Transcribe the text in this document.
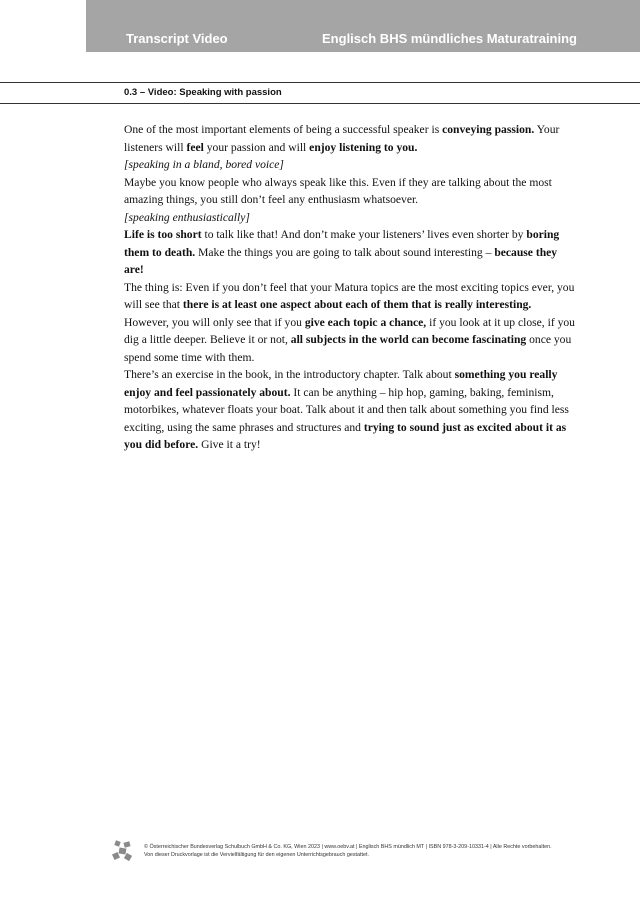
Transcript Video	Englisch BHS mündliches Maturatraining
0.3 – Video: Speaking with passion

One of the most important elements of being a successful speaker is conveying passion. Your listeners will feel your passion and will enjoy listening to you.

[speaking in a bland, bored voice]

Maybe you know people who always speak like this. Even if they are talking about the most amazing things, you still don’t feel any enthusiasm whatsoever.

[speaking enthusiastically]

Life is too short to talk like that! And don’t make your listeners’ lives even shorter by boring them to death. Make the things you are going to talk about sound interesting – because they are!

The thing is: Even if you don’t feel that your Matura topics are the most exciting topics ever, you will see that there is at least one aspect about each of them that is really interesting. However, you will only see that if you give each topic a chance, if you look at it up close, if you dig a little deeper. Believe it or not, all subjects in the world can become fascinating once you spend some time with them.

There’s an exercise in the book, in the introductory chapter. Talk about something you really enjoy and feel passionately about. It can be anything – hip hop, gaming, baking, feminism, motorbikes, whatever floats your boat. Talk about it and then talk about something you find less exciting, using the same phrases and structures and trying to sound just as excited about it as you did before. Give it a try!

© Österreichischer Bundesverlag Schulbuch GmbH & Co. KG, Wien 2023 | www.oebv.at | Englisch BHS mündlich MT | ISBN 978-3-209-10331-4 | Alle Rechte vorbehalten.
Von dieser Druckvorlage ist die Vervielfältigung für den eigenen Unterrichtsgebrauch gestattet.
